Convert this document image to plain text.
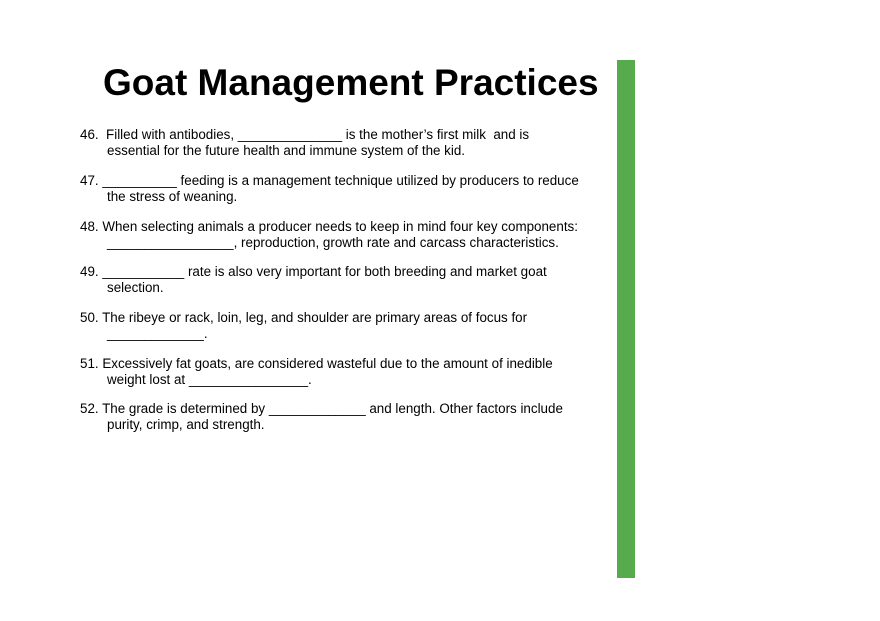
Goat Management Practices
46.  Filled with antibodies, ______________ is the mother’s first milk  and is
essential for the future health and immune system of the kid.
47. __________ feeding is a management technique utilized by producers to reduce
the stress of weaning.
48. When selecting animals a producer needs to keep in mind four key components:
_________________, reproduction, growth rate and carcass characteristics.
49. ___________ rate is also very important for both breeding and market goat
selection.
50. The ribeye or rack, loin, leg, and shoulder are primary areas of focus for
_____________.
51. Excessively fat goats, are considered wasteful due to the amount of inedible
weight lost at ________________.
52. The grade is determined by _____________ and length. Other factors include
purity, crimp, and strength.
